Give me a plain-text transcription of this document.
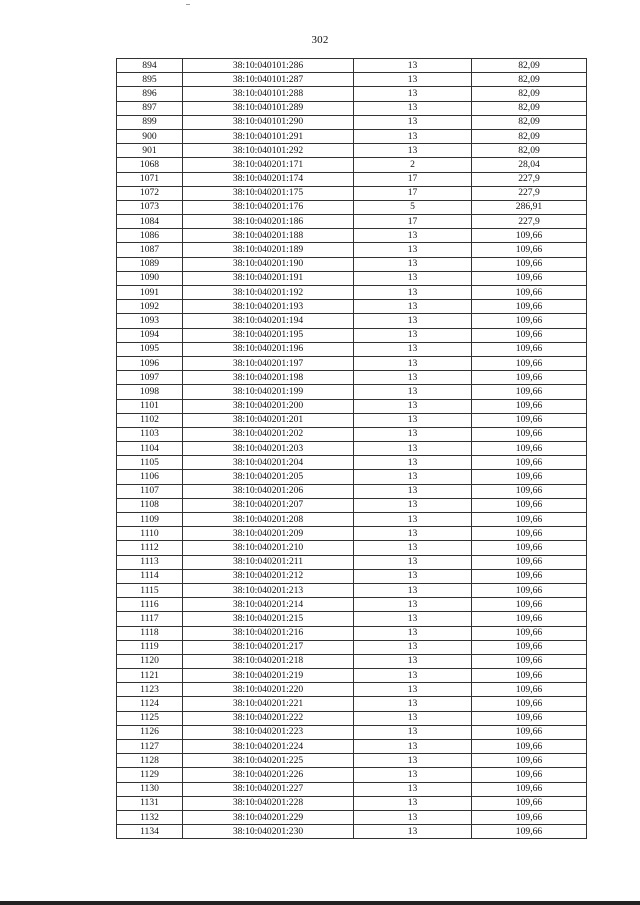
302
894	38:10:040101:286	13	82,09
895	38:10:040101:287	13	82,09
896	38:10:040101:288	13	82,09
897	38:10:040101:289	13	82,09
899	38:10:040101:290	13	82,09
900	38:10:040101:291	13	82,09
901	38:10:040101:292	13	82,09
1068	38:10:040201:171	2	28,04
1071	38:10:040201:174	17	227,9
1072	38:10:040201:175	17	227,9
1073	38:10:040201:176	5	286,91
1084	38:10:040201:186	17	227,9
1086	38:10:040201:188	13	109,66
1087	38:10:040201:189	13	109,66
1089	38:10:040201:190	13	109,66
1090	38:10:040201:191	13	109,66
1091	38:10:040201:192	13	109,66
1092	38:10:040201:193	13	109,66
1093	38:10:040201:194	13	109,66
1094	38:10:040201:195	13	109,66
1095	38:10:040201:196	13	109,66
1096	38:10:040201:197	13	109,66
1097	38:10:040201:198	13	109,66
1098	38:10:040201:199	13	109,66
1101	38:10:040201:200	13	109,66
1102	38:10:040201:201	13	109,66
1103	38:10:040201:202	13	109,66
1104	38:10:040201:203	13	109,66
1105	38:10:040201:204	13	109,66
1106	38:10:040201:205	13	109,66
1107	38:10:040201:206	13	109,66
1108	38:10:040201:207	13	109,66
1109	38:10:040201:208	13	109,66
1110	38:10:040201:209	13	109,66
1112	38:10:040201:210	13	109,66
1113	38:10:040201:211	13	109,66
1114	38:10:040201:212	13	109,66
1115	38:10:040201:213	13	109,66
1116	38:10:040201:214	13	109,66
1117	38:10:040201:215	13	109,66
1118	38:10:040201:216	13	109,66
1119	38:10:040201:217	13	109,66
1120	38:10:040201:218	13	109,66
1121	38:10:040201:219	13	109,66
1123	38:10:040201:220	13	109,66
1124	38:10:040201:221	13	109,66
1125	38:10:040201:222	13	109,66
1126	38:10:040201:223	13	109,66
1127	38:10:040201:224	13	109,66
1128	38:10:040201:225	13	109,66
1129	38:10:040201:226	13	109,66
1130	38:10:040201:227	13	109,66
1131	38:10:040201:228	13	109,66
1132	38:10:040201:229	13	109,66
1134	38:10:040201:230	13	109,66
